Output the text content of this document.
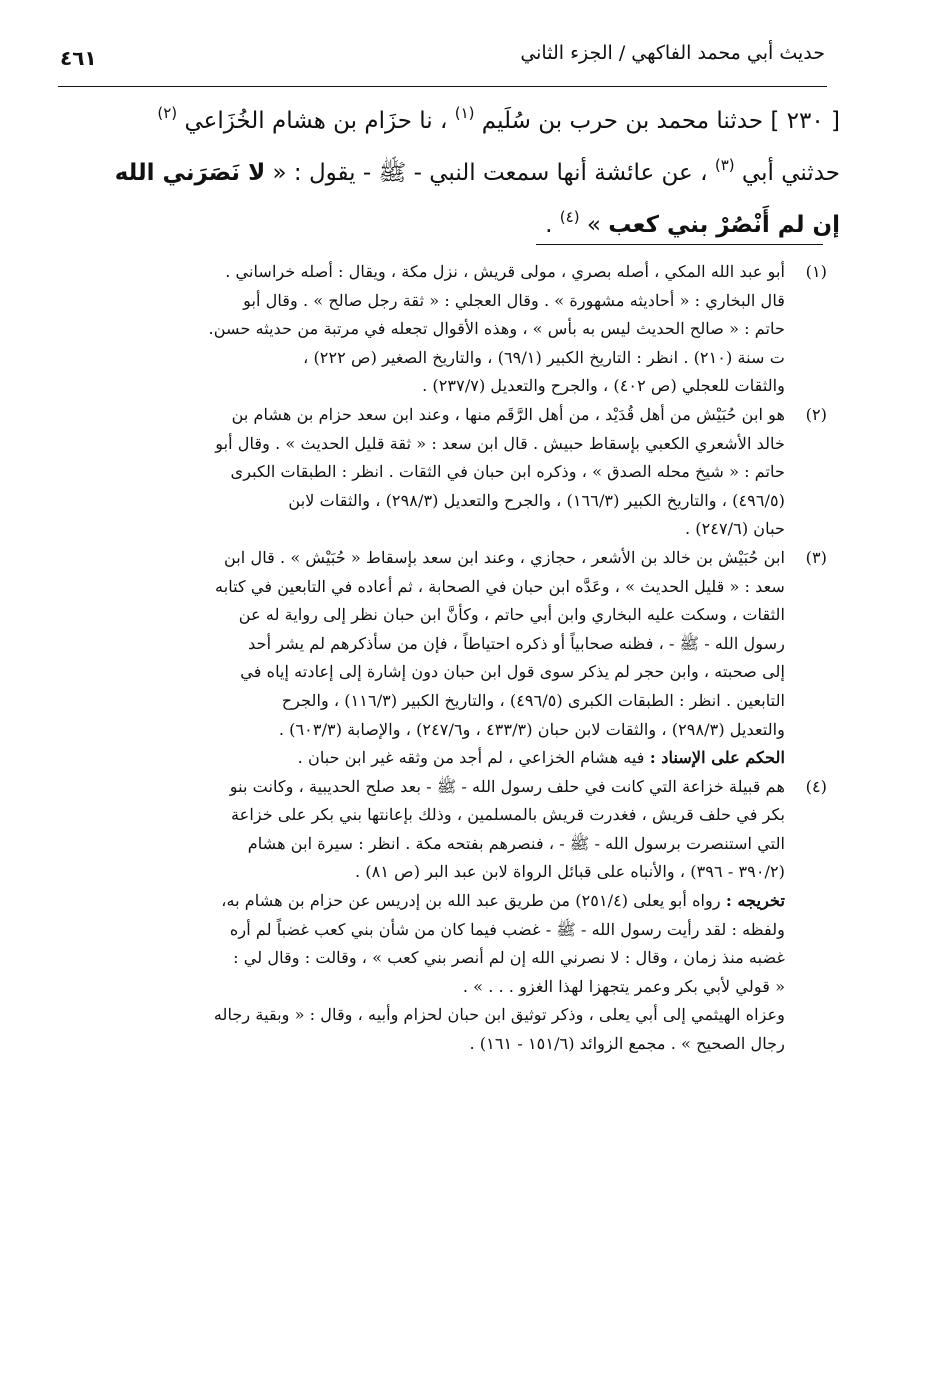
حديث أبي محمد الفاكهي / الجزء الثاني
٤٦١

[ ٢٣٠ ] حدثنا محمد بن حرب بن سُلَيم $^{(١)}$ ، نا حزَام بن هشام الخُزَاعي $^{(٢)}$

حدثني أبي $^{(٣)}$ ، عن عائشة أنها سمعت النبي - ﷺ - يقول : « لا نَصَرَني الله

إن لم أَنْصُرْ بني كعب » $^{(٤)}$ .

(١)
أبو عبد الله المكي ، أصله بصري ، مولى قريش ، نزل مكة ، ويقال : أصله خراساني .
قال البخاري : « أحاديثه مشهورة » . وقال العجلي : « ثقة رجل صالح » . وقال أبو
حاتم : « صالح الحديث ليس به بأس » ، وهذه الأقوال تجعله في مرتبة من حديثه حسن.
ت سنة (٢١٠) . انظر : التاريخ الكبير (٦٩/١) ، والتاريخ الصغير (ص ٢٢٢) ،
والثقات للعجلي (ص ٤٠٢) ، والجرح والتعديل (٢٣٧/٧) .
(٢)
هو ابن حُبَيْش من أهل قُدَيْد ، من أهل الرَّقَم منها ، وعند ابن سعد حزام بن هشام بن
خالد الأشعري الكعبي بإسقاط حبيش . قال ابن سعد : « ثقة قليل الحديث » . وقال أبو
حاتم : « شيخ محله الصدق » ، وذكره ابن حبان في الثقات . انظر : الطبقات الكبرى
(٤٩٦/٥) ، والتاريخ الكبير (١٦٦/٣) ، والجرح والتعديل (٢٩٨/٣) ، والثقات لابن
حبان (٢٤٧/٦) .
(٣)
ابن حُبَيْش بن خالد بن الأشعر ، حجازي ، وعند ابن سعد بإسقاط « حُبَيْش » . قال ابن
سعد : « قليل الحديث » ، وعَدَّه ابن حبان في الصحابة ، ثم أعاده في التابعين في كتابه
الثقات ، وسكت عليه البخاري وابن أبي حاتم ، وكأنَّ ابن حبان نظر إلى رواية له عن
رسول الله - ﷺ - ، فظنه صحابياً أو ذكره احتياطاً ، فإن من سأذكرهم لم يشر أحد
إلى صحبته ، وابن حجر لم يذكر سوى قول ابن حبان دون إشارة إلى إعادته إياه في
التابعين . انظر : الطبقات الكبرى (٤٩٦/٥) ، والتاريخ الكبير (١١٦/٣) ، والجرح
والتعديل (٢٩٨/٣) ، والثقات لابن حبان (٤٣٣/٣ ، و٢٤٧/٦) ، والإصابة (٦٠٣/٣) .
الحكم على الإسناد : فيه هشام الخزاعي ، لم أجد من وثقه غير ابن حبان .
(٤)
هم قبيلة خزاعة التي كانت في حلف رسول الله - ﷺ - بعد صلح الحديبية ، وكانت بنو
بكر في حلف قريش ، فغدرت قريش بالمسلمين ، وذلك بإعانتها بني بكر على خزاعة
التي استنصرت برسول الله - ﷺ - ، فنصرهم بفتحه مكة . انظر : سيرة ابن هشام
(٣٩٠/٢ - ٣٩٦) ، والأنباه على قبائل الرواة لابن عبد البر (ص ٨١) .
تخريجه : رواه أبو يعلى (٢٥١/٤) من طريق عبد الله بن إدريس عن حزام بن هشام به،
ولفظه : لقد رأيت رسول الله - ﷺ - غضب فيما كان من شأن بني كعب غضباً لم أره
غضبه منذ زمان ، وقال : لا نصرني الله إن لم أنصر بني كعب » ، وقالت : وقال لي :
« قولي لأبي بكر وعمر يتجهزا لهذا الغزو . . . » .
وعزاه الهيثمي إلى أبي يعلى ، وذكر توثيق ابن حبان لحزام وأبيه ، وقال : « وبقية رجاله
رجال الصحيح » . مجمع الزوائد (١٥١/٦ - ١٦١) .
